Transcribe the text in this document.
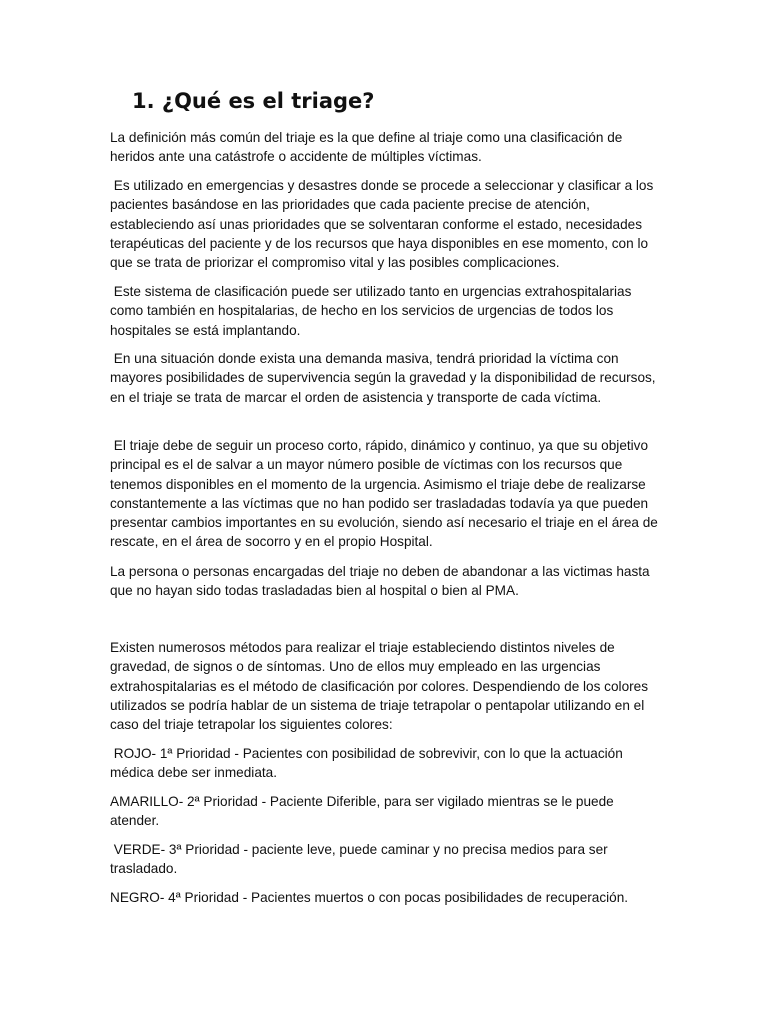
1. ¿Qué es el triage?

La definición más común del triaje es la que define al triaje como una clasificación de heridos ante una catástrofe o accidente de múltiples víctimas.

Es utilizado en emergencias y desastres donde se procede a seleccionar y clasificar a los pacientes basándose en las prioridades que cada paciente precise de atención, estableciendo así unas prioridades que se solventaran conforme el estado, necesidades terapéuticas del paciente y de los recursos que haya disponibles en ese momento, con lo que se trata de priorizar el compromiso vital y las posibles complicaciones.

Este sistema de clasificación puede ser utilizado tanto en urgencias extrahospitalarias como también en hospitalarias, de hecho en los servicios de urgencias de todos los hospitales se está implantando.

En una situación donde exista una demanda masiva, tendrá prioridad la víctima con mayores posibilidades de supervivencia según la gravedad y la disponibilidad de recursos, en el triaje se trata de marcar el orden de asistencia y transporte de cada víctima.

El triaje debe de seguir un proceso corto, rápido, dinámico y continuo, ya que su objetivo principal es el de salvar a un mayor número posible de víctimas con los recursos que tenemos disponibles en el momento de la urgencia. Asimismo el triaje debe de realizarse constantemente a las víctimas que no han podido ser trasladadas todavía ya que pueden presentar cambios importantes en su evolución, siendo así necesario el triaje en el área de rescate, en el área de socorro y en el propio Hospital.

La persona o personas encargadas del triaje no deben de abandonar a las victimas hasta que no hayan sido todas trasladadas bien al hospital o bien al PMA.

Existen numerosos métodos para realizar el triaje estableciendo distintos niveles de gravedad, de signos o de síntomas. Uno de ellos muy empleado en las urgencias extrahospitalarias es el método de clasificación por colores. Despendiendo de los colores utilizados se podría hablar de un sistema de triaje tetrapolar o pentapolar utilizando en el caso del triaje tetrapolar los siguientes colores:

ROJO- 1ª Prioridad - Pacientes con posibilidad de sobrevivir, con lo que la actuación médica debe ser inmediata.

AMARILLO- 2ª Prioridad - Paciente Diferible, para ser vigilado mientras se le puede atender.

VERDE- 3ª Prioridad - paciente leve, puede caminar y no precisa medios para ser trasladado.

NEGRO- 4ª Prioridad - Pacientes muertos o con pocas posibilidades de recuperación.
